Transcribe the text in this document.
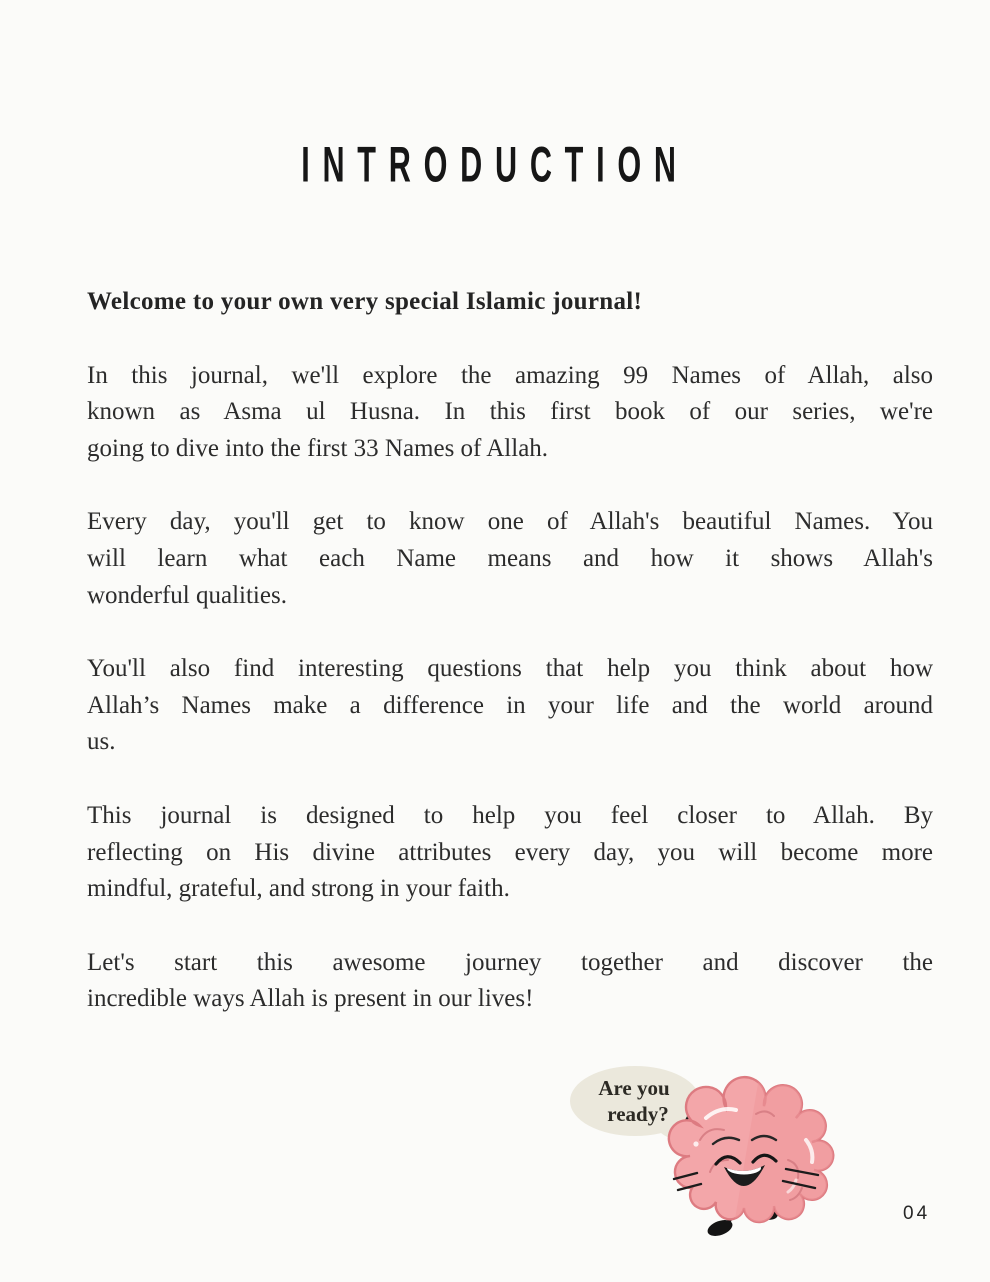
INTRODUCTION
Welcome to your own very special Islamic journal!
In this journal, we'll explore the amazing 99 Names of Allah, also
known as Asma ul Husna. In this first book of our series, we're
going to dive into the first 33 Names of Allah.
Every day, you'll get to know one of Allah's beautiful Names. You
will learn what each Name means and how it shows Allah's
wonderful qualities.
You'll also find interesting questions that help you think about how
Allah’s Names make a difference in your life and the world around
us.
This journal is designed to help you feel closer to Allah. By
reflecting on His divine attributes every day, you will become more
mindful, grateful, and strong in your faith.
Let's start this awesome journey together and discover the
incredible ways Allah is present in our lives!
Are you
ready?
04
